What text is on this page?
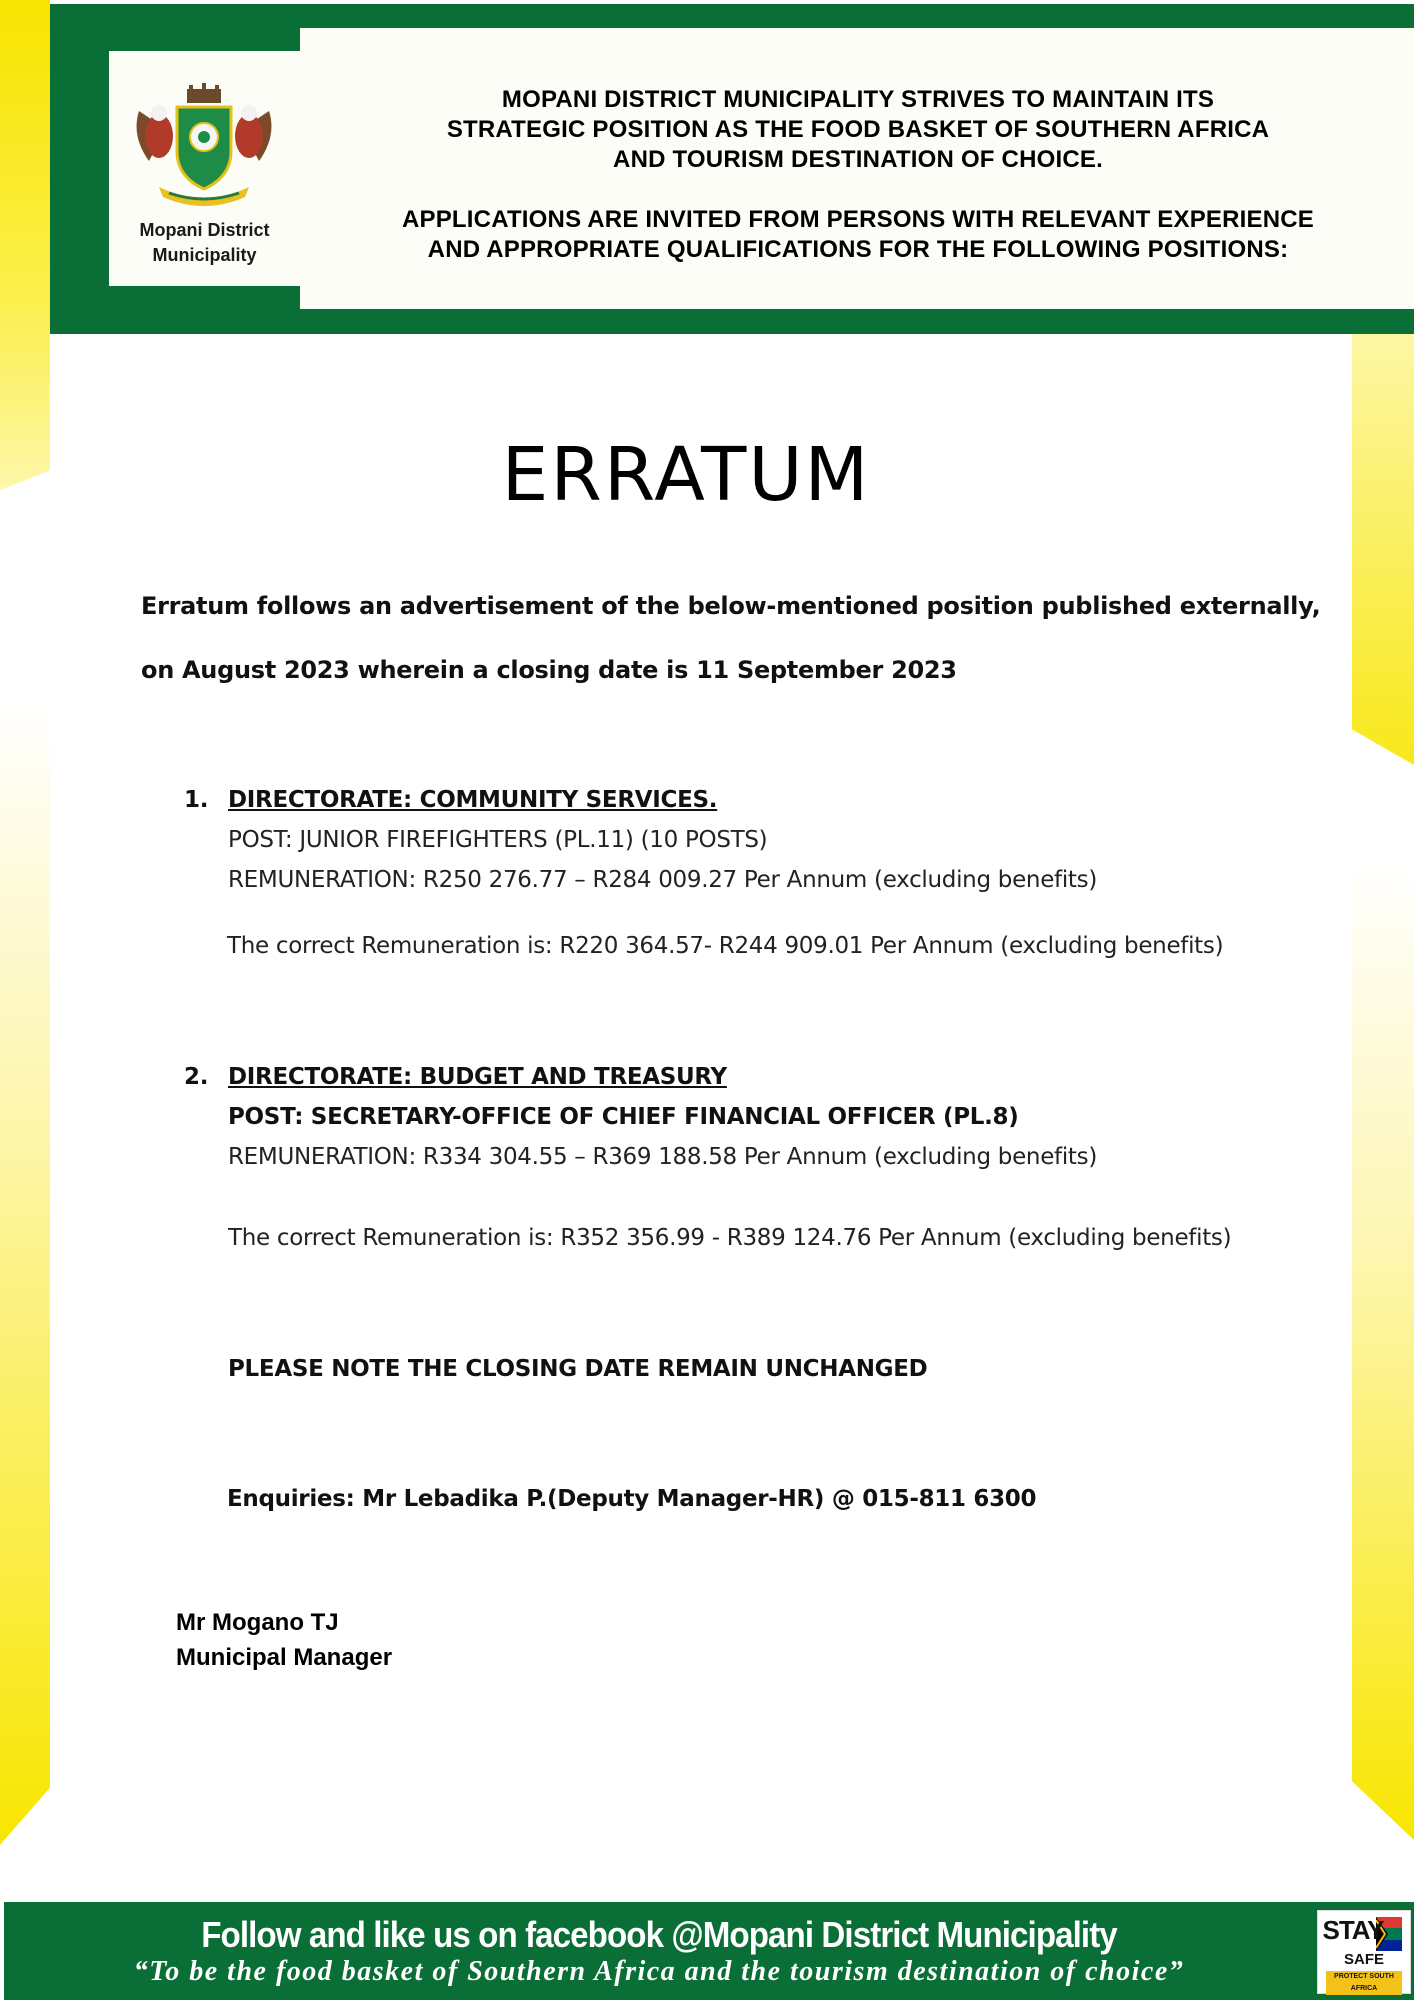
Mopani District
Municipality
MOPANI DISTRICT MUNICIPALITY STRIVES TO MAINTAIN ITS
STRATEGIC POSITION AS THE FOOD BASKET OF SOUTHERN AFRICA
AND TOURISM DESTINATION OF CHOICE.
APPLICATIONS ARE INVITED FROM PERSONS WITH RELEVANT EXPERIENCE
AND APPROPRIATE QUALIFICATIONS FOR THE FOLLOWING POSITIONS:
ERRATUM
Erratum follows an advertisement of the below-mentioned position published externally,
on August 2023 wherein a closing date is 11 September 2023
1. DIRECTORATE: COMMUNITY SERVICES.
POST: JUNIOR FIREFIGHTERS (PL.11) (10 POSTS)
REMUNERATION: R250 276.77 – R284 009.27 Per Annum (excluding benefits)
The correct Remuneration is: R220 364.57- R244 909.01 Per Annum (excluding benefits)
2. DIRECTORATE: BUDGET AND TREASURY
POST: SECRETARY-OFFICE OF CHIEF FINANCIAL OFFICER (PL.8)
REMUNERATION: R334 304.55 – R369 188.58 Per Annum (excluding benefits)
The correct Remuneration is: R352 356.99 - R389 124.76 Per Annum (excluding benefits)
PLEASE NOTE THE CLOSING DATE REMAIN UNCHANGED
Enquiries: Mr Lebadika P.(Deputy Manager-HR) @ 015-811 6300
Mr Mogano TJ
Municipal Manager
Follow and like us on facebook @Mopani District Municipality
“To be the food basket of Southern Africa and the tourism destination of choice”
STAY
SAFE
PROTECT SOUTH AFRICA
